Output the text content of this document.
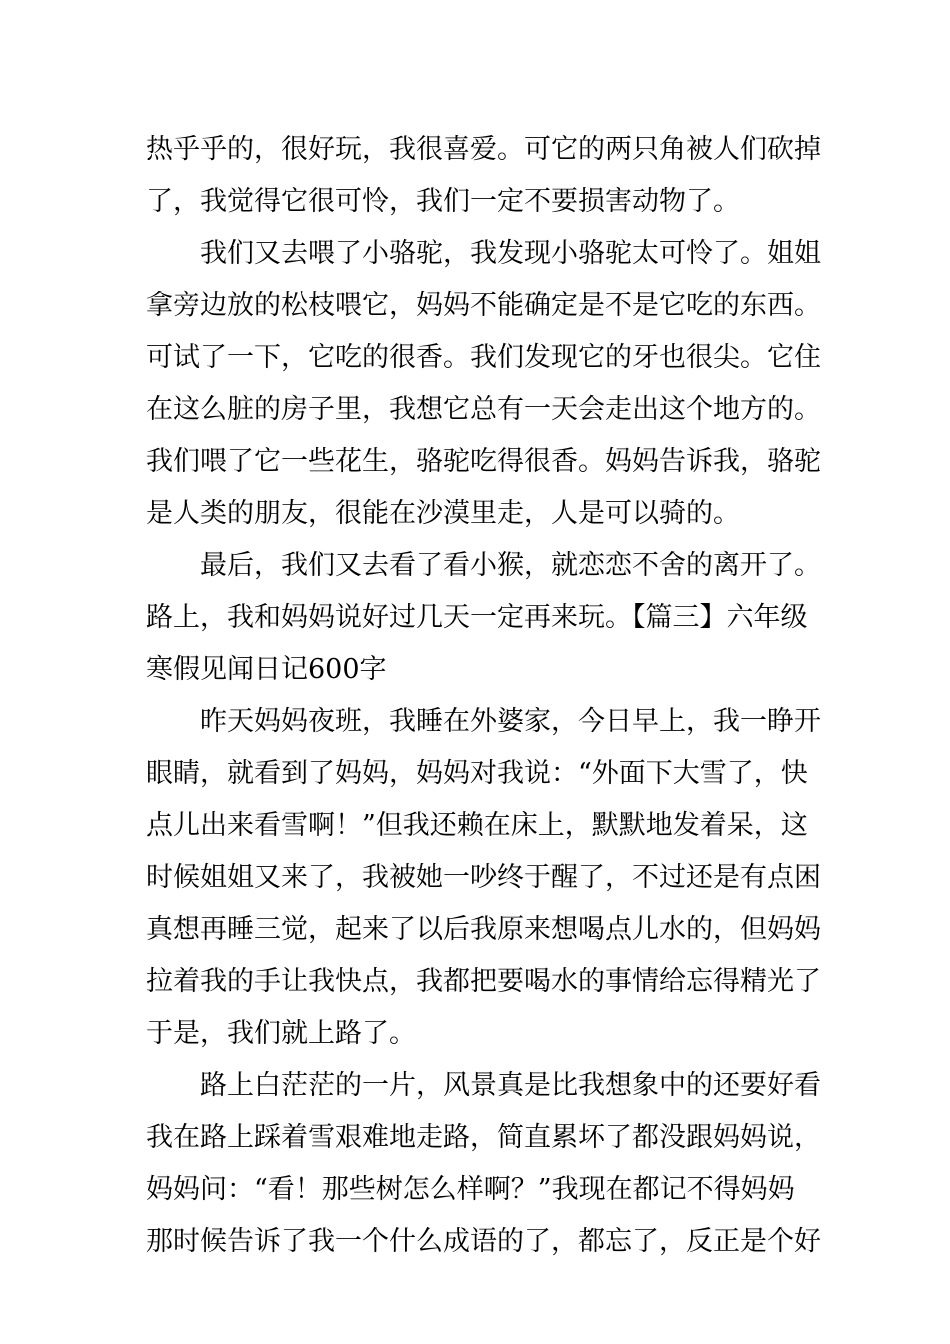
热乎乎的，很好玩，我很喜爱。可它的两只角被人们砍掉
了，我觉得它很可怜，我们一定不要损害动物了。
我们又去喂了小骆驼，我发现小骆驼太可怜了。姐姐
拿旁边放的松枝喂它，妈妈不能确定是不是它吃的东西。
可试了一下，它吃的很香。我们发现它的牙也很尖。它住
在这么脏的房子里，我想它总有一天会走出这个地方的。
我们喂了它一些花生，骆驼吃得很香。妈妈告诉我，骆驼
是人类的朋友，很能在沙漠里走，人是可以骑的。
最后，我们又去看了看小猴，就恋恋不舍的离开了。
路上，我和妈妈说好过几天一定再来玩。【篇三】六年级
寒假见闻日记600字
昨天妈妈夜班，我睡在外婆家，今日早上，我一睁开
眼睛，就看到了妈妈，妈妈对我说：“外面下大雪了，快
点儿出来看雪啊！”但我还赖在床上，默默地发着呆，这
时候姐姐又来了，我被她一吵终于醒了，不过还是有点困
真想再睡三觉，起来了以后我原来想喝点儿水的，但妈妈
拉着我的手让我快点，我都把要喝水的事情给忘得精光了
于是，我们就上路了。
路上白茫茫的一片，风景真是比我想象中的还要好看
我在路上踩着雪艰难地走路，简直累坏了都没跟妈妈说，
妈妈问：“看！那些树怎么样啊？”我现在都记不得妈妈
那时候告诉了我一个什么成语的了，都忘了，反正是个好
